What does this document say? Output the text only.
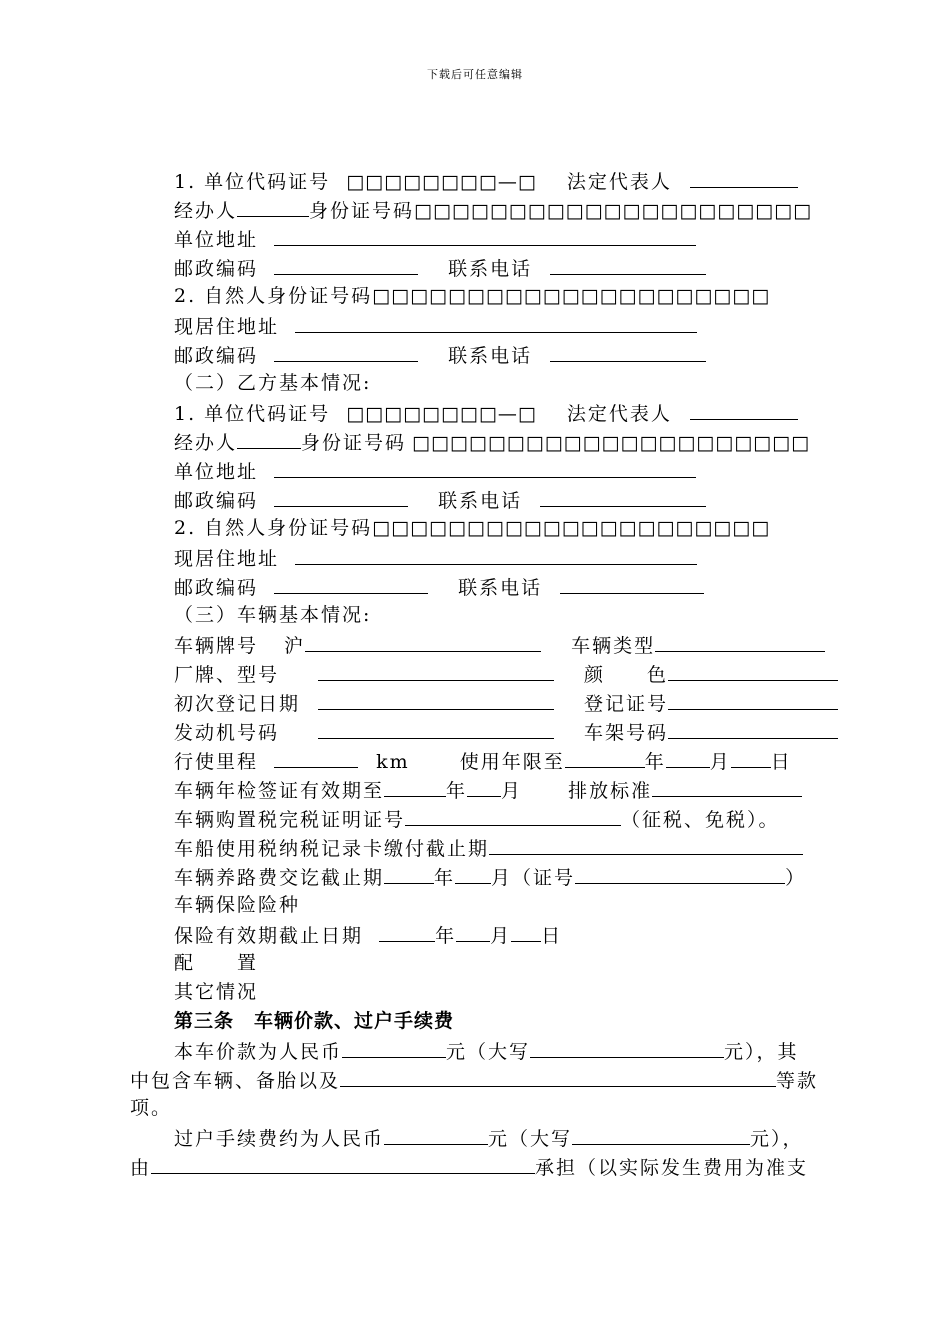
下载后可任意编辑
1. 单位代码证号 □□□□□□□□—□ 法定代表人
经办人	身份证号码□□□□□□□□□□□□□□□□□□□□□
单位地址
邮政编码	联系电话
2. 自然人身份证号码□□□□□□□□□□□□□□□□□□□□□
现居住地址
邮政编码	联系电话
（二）乙方基本情况:
1. 单位代码证号 □□□□□□□□—□ 法定代表人
经办人	身份证号码 □□□□□□□□□□□□□□□□□□□□□
单位地址
邮政编码	联系电话
2. 自然人身份证号码□□□□□□□□□□□□□□□□□□□□□
现居住地址
邮政编码	联系电话
（三）车辆基本情况:
车辆牌号 沪	车辆类型
厂牌、型号	颜　　色
初次登记日期	登记证号
发动机号码	车架号码
行使里程	km	使用年限至	年 月 日
车辆年检签证有效期至	年 月 排放标准
车辆购置税完税证明证号	（征税、免税）。
车船使用税纳税记录卡缴付截止期
车辆养路费交讫截止期	年 月（证号	）
车辆保险险种
保险有效期截止日期	年 月 日
配　　置
其它情况
第三条　车辆价款、过户手续费
本车价款为人民币	元（大写	元），其
中包含车辆、备胎以及	等款
项。
过户手续费约为人民币	元（大写	元），
由	承担（以实际发生费用为准支
